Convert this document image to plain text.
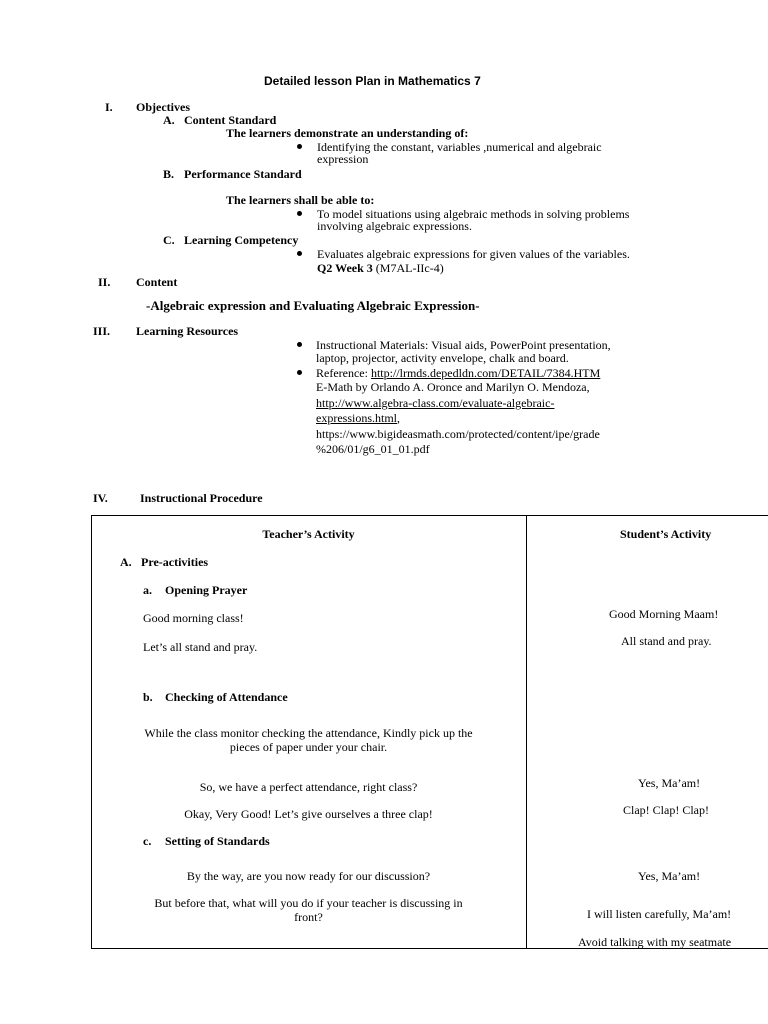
Detailed lesson Plan in Mathematics 7
I. Objectives
A. Content Standard
The learners demonstrate an understanding of:
Identifying the constant, variables ,numerical and algebraic
expression
B. Performance Standard
The learners shall be able to:
To model situations using algebraic methods in solving problems
involving algebraic expressions.
C. Learning Competency
Evaluates algebraic expressions for given values of the variables.
Q2 Week 3 (M7AL-IIc-4)
II. Content
-Algebraic expression and Evaluating Algebraic Expression-
III. Learning Resources
Instructional Materials: Visual aids, PowerPoint presentation,
laptop, projector, activity envelope, chalk and board.
Reference: http://lrmds.depedldn.com/DETAIL/7384.HTM
E-Math by Orlando A. Oronce and Marilyn O. Mendoza,
http://www.algebra-class.com/evaluate-algebraic-
expressions.html,
https://www.bigideasmath.com/protected/content/ipe/grade
%206/01/g6_01_01.pdf
IV.	Instructional Procedure
Teacher’s Activity	Student’s Activity
A. Pre-activities
a. Opening Prayer
Good morning class!
Let’s all stand and pray.
b. Checking of Attendance
While the class monitor checking the attendance, Kindly pick up the
pieces of paper under your chair.
So, we have a perfect attendance, right class?
Okay, Very Good! Let’s give ourselves a three clap!
c. Setting of Standards
By the way, are you now ready for our discussion?
But before that, what will you do if your teacher is discussing in
front?
Good Morning Maam!
All stand and pray.
Yes, Ma’am!
Clap! Clap! Clap!
Yes, Ma’am!
I will listen carefully, Ma’am!
Avoid talking with my seatmate
